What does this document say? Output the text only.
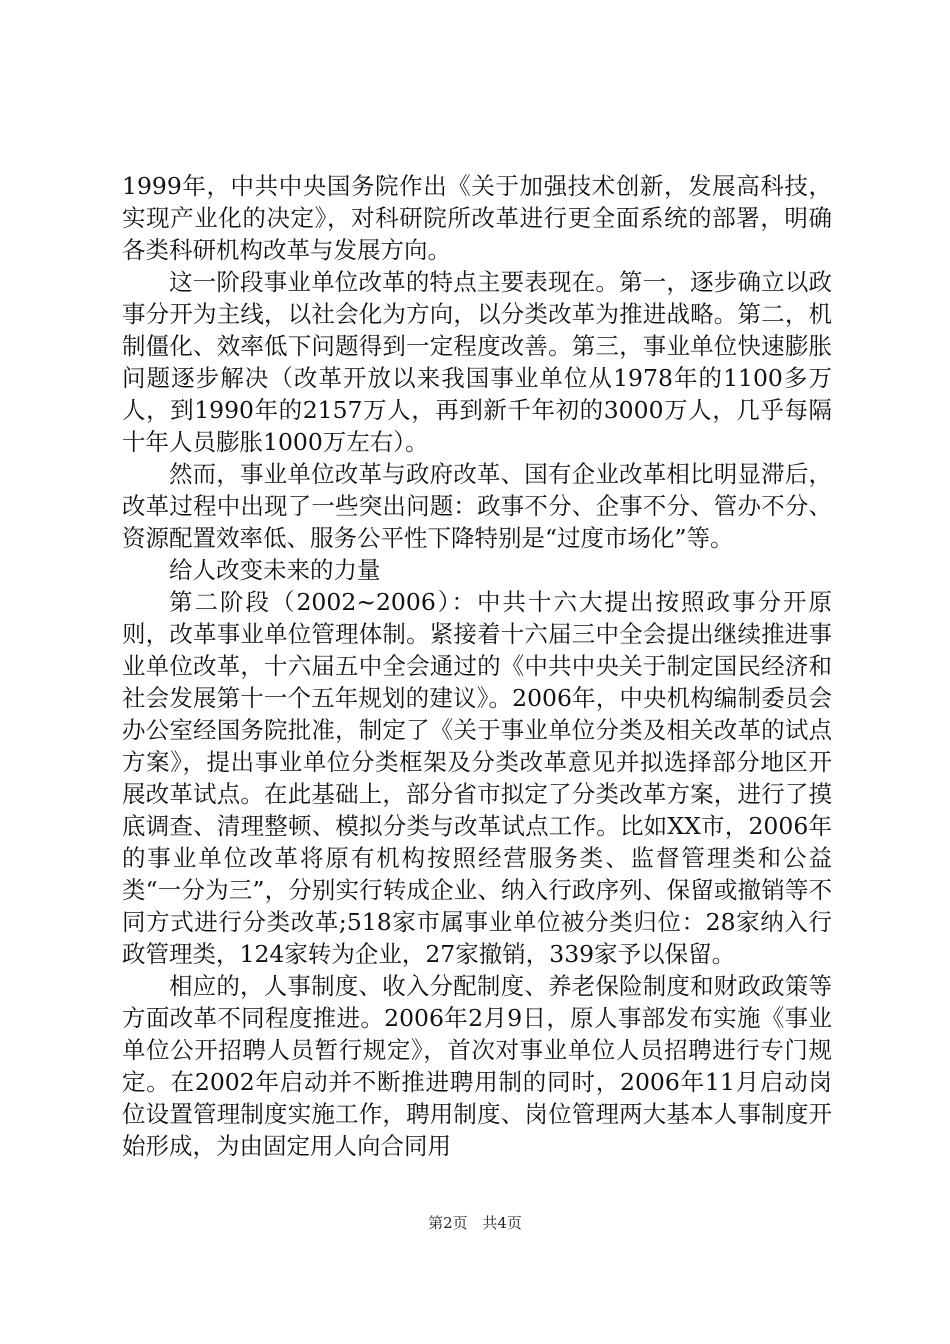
1999年，中共中央国务院作出《关于加强技术创新，发展高科技，实现产业化的决定》，对科研院所改革进行更全面系统的部署，明确各类科研机构改革与发展方向。

这一阶段事业单位改革的特点主要表现在。第一，逐步确立以政事分开为主线，以社会化为方向，以分类改革为推进战略。第二，机制僵化、效率低下问题得到一定程度改善。第三，事业单位快速膨胀问题逐步解决（改革开放以来我国事业单位从1978年的1100多万人，到1990年的2157万人，再到新千年初的3000万人，几乎每隔十年人员膨胀1000万左右）。

然而，事业单位改革与政府改革、国有企业改革相比明显滞后，改革过程中出现了一些突出问题：政事不分、企事不分、管办不分、资源配置效率低、服务公平性下降特别是“过度市场化”等。

给人改变未来的力量

第二阶段（2002~2006）：中共十六大提出按照政事分开原则，改革事业单位管理体制。紧接着十六届三中全会提出继续推进事业单位改革，十六届五中全会通过的《中共中央关于制定国民经济和社会发展第十一个五年规划的建议》。2006年，中央机构编制委员会办公室经国务院批准，制定了《关于事业单位分类及相关改革的试点方案》，提出事业单位分类框架及分类改革意见并拟选择部分地区开展改革试点。在此基础上，部分省市拟定了分类改革方案，进行了摸底调查、清理整顿、模拟分类与改革试点工作。比如XX市，2006年的事业单位改革将原有机构按照经营服务类、监督管理类和公益类“一分为三”，分别实行转成企业、纳入行政序列、保留或撤销等不同方式进行分类改革;518家市属事业单位被分类归位：28家纳入行政管理类，124家转为企业，27家撤销，339家予以保留。

相应的，人事制度、收入分配制度、养老保险制度和财政政策等方面改革不同程度推进。2006年2月9日，原人事部发布实施《事业单位公开招聘人员暂行规定》，首次对事业单位人员招聘进行专门规定。在2002年启动并不断推进聘用制的同时，2006年11月启动岗位设置管理制度实施工作，聘用制度、岗位管理两大基本人事制度开始形成，为由固定用人向合同用

第2页 共4页
